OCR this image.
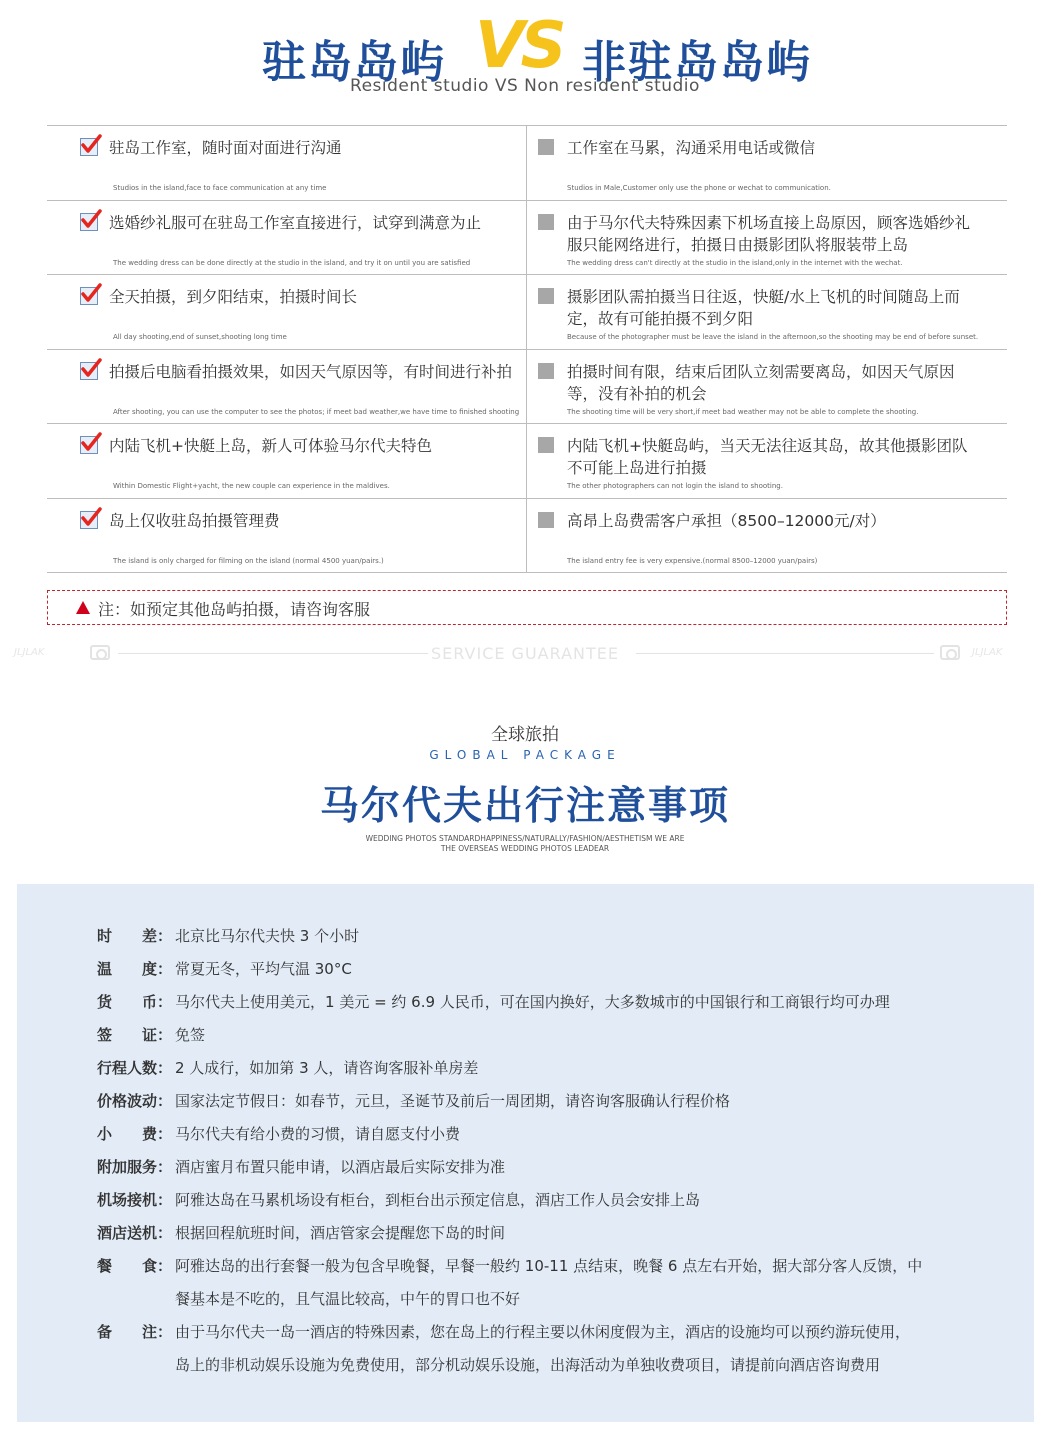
驻岛岛屿 VS 非驻岛岛屿
Resident studio VS Non resident studio
驻岛工作室，随时面对面进行沟通
Studios in the island,face to face communication at any time
工作室在马累，沟通采用电话或微信
Studios in Male,Customer only use the phone or wechat to communication.
选婚纱礼服可在驻岛工作室直接进行，试穿到满意为止
The wedding dress can be done directly at the studio in the island, and try it on until you are satisfied
由于马尔代夫特殊因素下机场直接上岛原因，顾客选婚纱礼服只能网络进行，拍摄日由摄影团队将服装带上岛
The wedding dress can't directly at the studio in the island,only in the internet with the wechat.
全天拍摄，到夕阳结束，拍摄时间长
All day shooting,end of sunset,shooting long time
摄影团队需拍摄当日往返，快艇/水上飞机的时间随岛上而定，故有可能拍摄不到夕阳
Because of the photographer must be leave the island in the afternoon,so the shooting may be end of before sunset.
拍摄后电脑看拍摄效果，如因天气原因等，有时间进行补拍
After shooting, you can use the computer to see the photos; if meet bad weather,we have time to finished shooting
拍摄时间有限，结束后团队立刻需要离岛，如因天气原因等，没有补拍的机会
The shooting time will be very short,if meet bad weather may not be able to complete the shooting.
内陆飞机+快艇上岛，新人可体验马尔代夫特色
Within Domestic Flight+yacht, the new couple can experience in the maldives.
内陆飞机+快艇岛屿，当天无法往返其岛，故其他摄影团队不可能上岛进行拍摄
The other photographers can not login the island to shooting.
岛上仅收驻岛拍摄管理费
The island is only charged for filming on the island (normal 4500 yuan/pairs.)
高昂上岛费需客户承担（8500–12000元/对）
The island entry fee is very expensive.(normal 8500–12000 yuan/pairs)
注：如预定其他岛屿拍摄，请咨询客服
JLJLAK	SERVICE GUARANTEE	JLJLAK
全球旅拍
GLOBAL PACKAGE
马尔代夫出行注意事项
WEDDING PHOTOS STANDARDHAPPINESS/NATURALLY/FASHION/AESTHETISM WE ARE
THE OVERSEAS WEDDING PHOTOS LEADEAR
时　　差： 北京比马尔代夫快 3 个小时
温　　度： 常夏无冬，平均气温 30°C
货　　币： 马尔代夫上使用美元，1 美元 = 约 6.9 人民币，可在国内换好，大多数城市的中国银行和工商银行均可办理
签　　证： 免签
行程人数： 2 人成行，如加第 3 人，请咨询客服补单房差
价格波动： 国家法定节假日：如春节，元旦，圣诞节及前后一周团期，请咨询客服确认行程价格
小　　费： 马尔代夫有给小费的习惯，请自愿支付小费
附加服务： 酒店蜜月布置只能申请，以酒店最后实际安排为准
机场接机： 阿雅达岛在马累机场设有柜台，到柜台出示预定信息，酒店工作人员会安排上岛
酒店送机： 根据回程航班时间，酒店管家会提醒您下岛的时间
餐　　食： 阿雅达岛的出行套餐一般为包含早晚餐，早餐一般约 10-11 点结束，晚餐 6 点左右开始，据大部分客人反馈，中
餐基本是不吃的，且气温比较高，中午的胃口也不好
备　　注： 由于马尔代夫一岛一酒店的特殊因素，您在岛上的行程主要以休闲度假为主，酒店的设施均可以预约游玩使用，
岛上的非机动娱乐设施为免费使用，部分机动娱乐设施，出海活动为单独收费项目，请提前向酒店咨询费用
